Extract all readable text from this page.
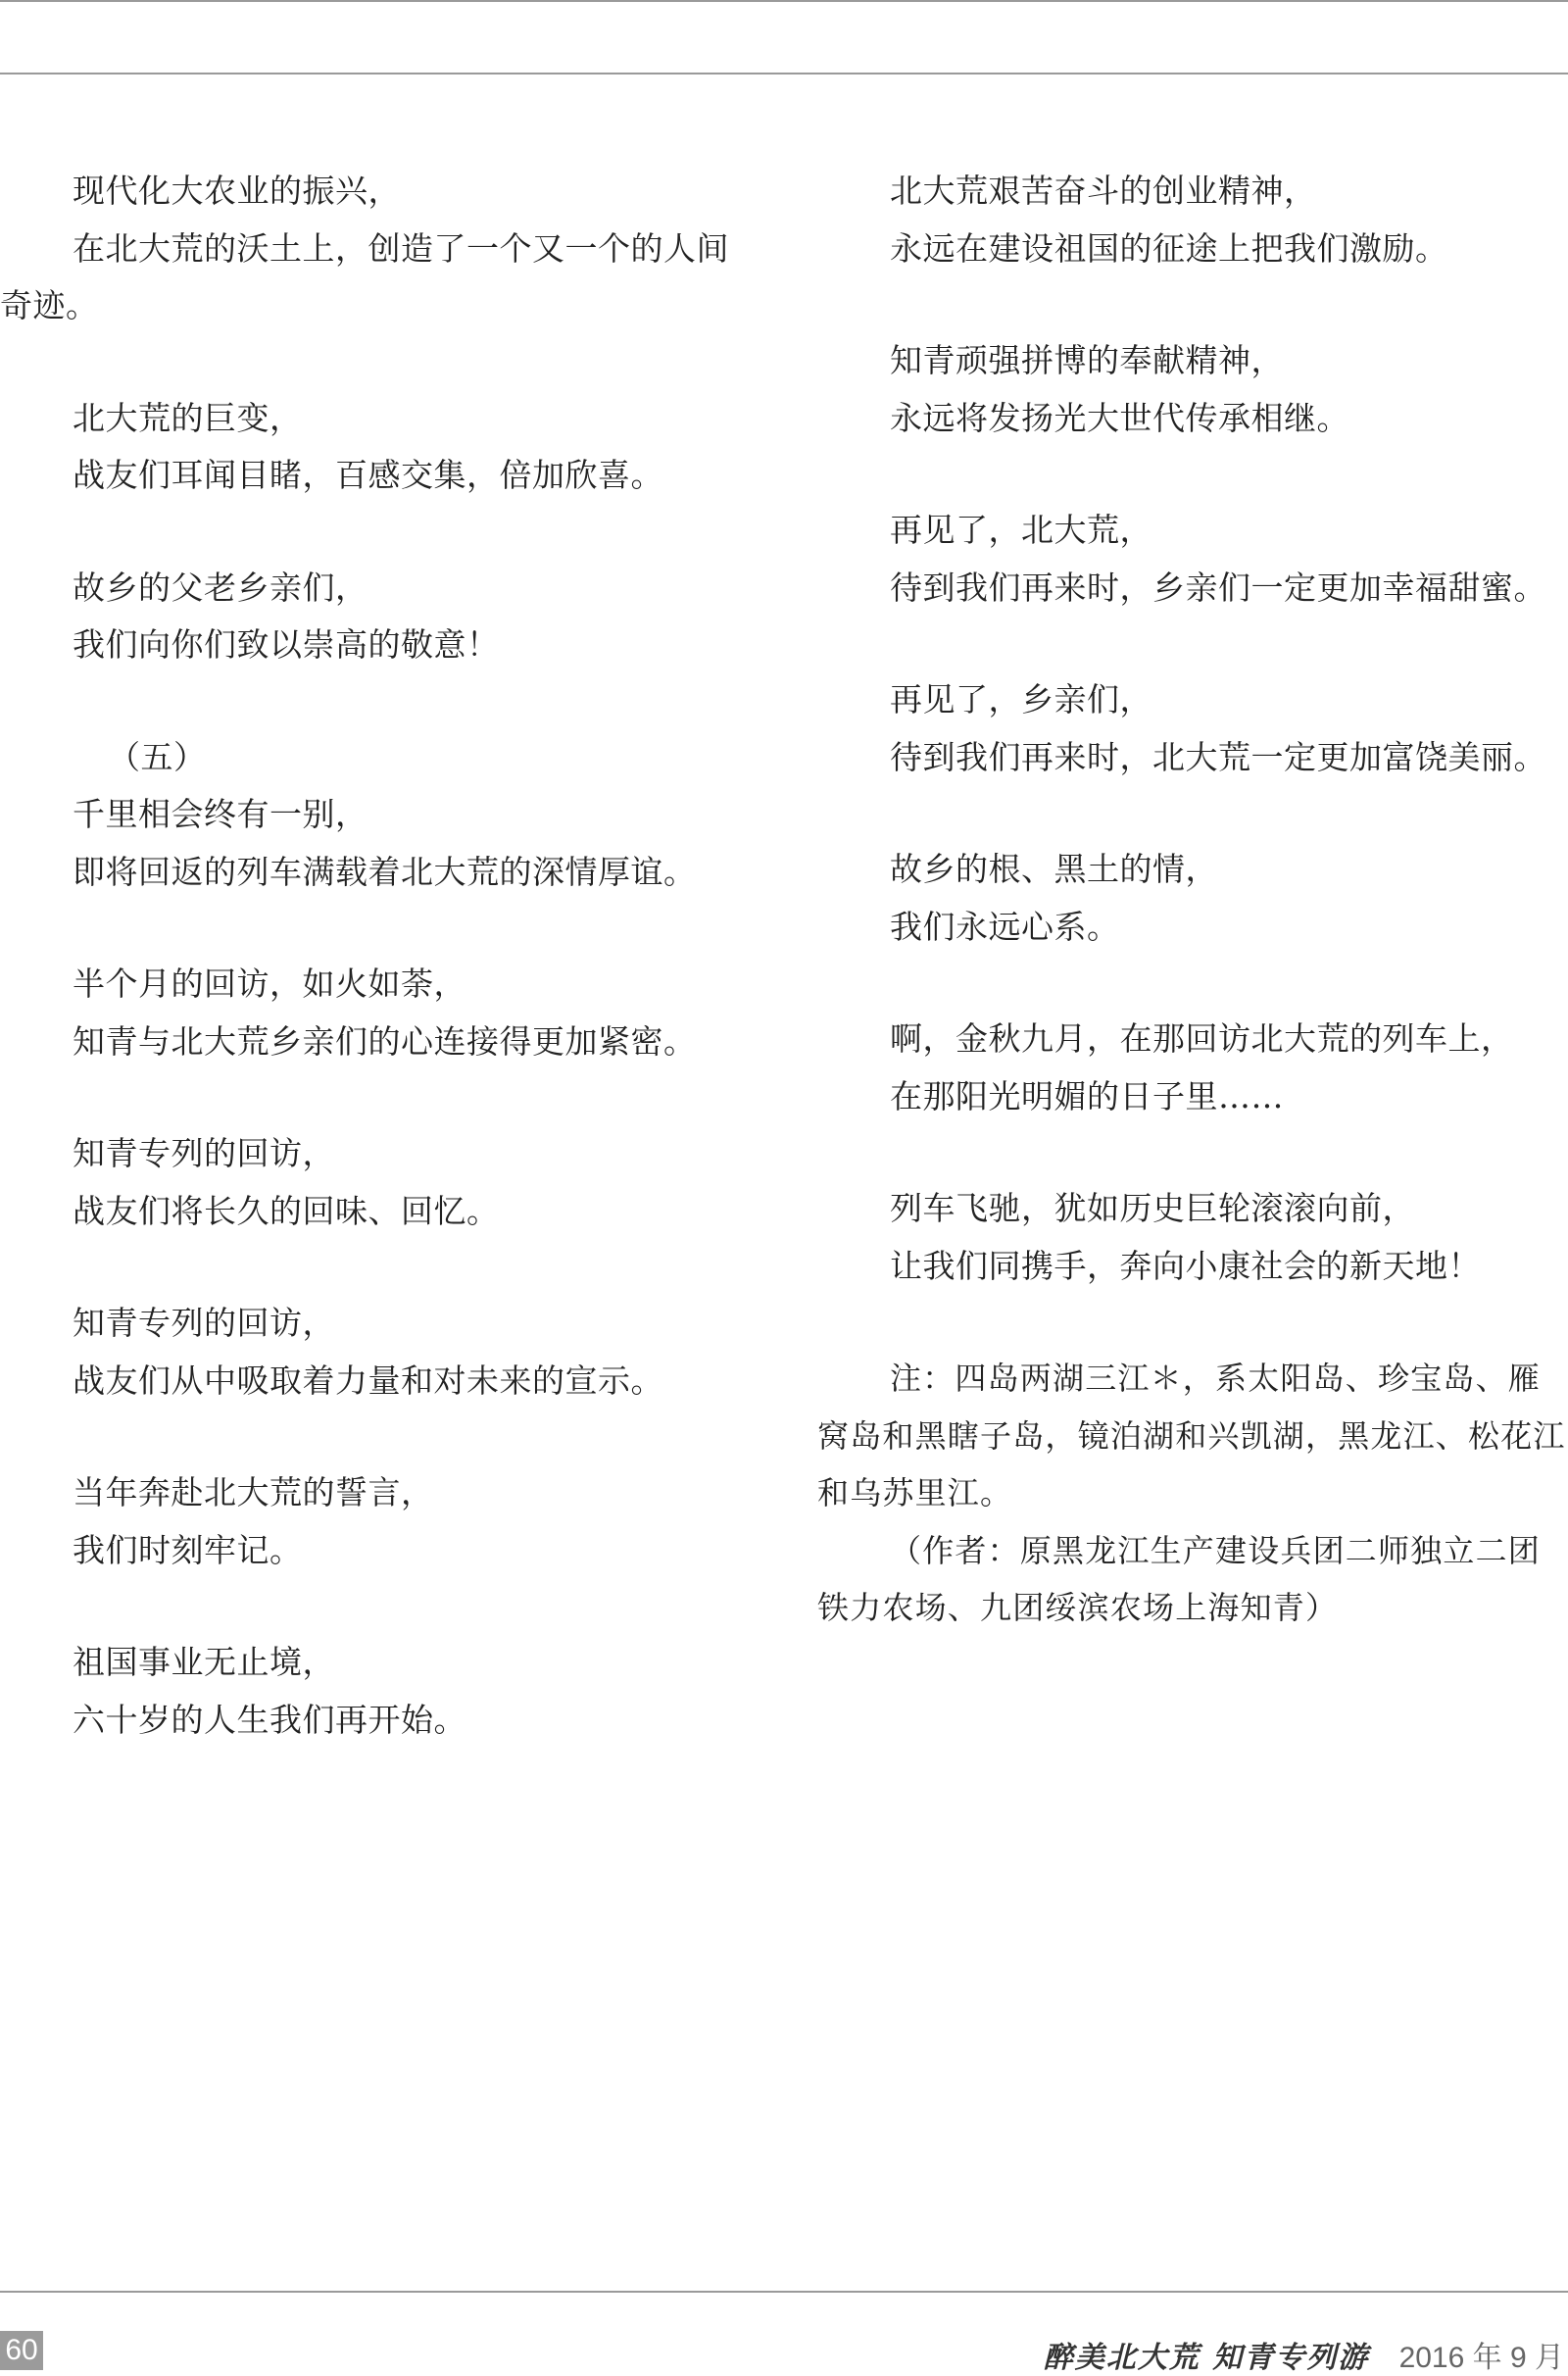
现代化大农业的振兴，
在北大荒的沃土上，创造了一个又一个的人间奇迹。
北大荒的巨变，
战友们耳闻目睹，百感交集，倍加欣喜。
故乡的父老乡亲们，
我们向你们致以崇高的敬意！
（五）
千里相会终有一别，
即将回返的列车满载着北大荒的深情厚谊。
半个月的回访，如火如荼，
知青与北大荒乡亲们的心连接得更加紧密。
知青专列的回访，
战友们将长久的回味、回忆。
知青专列的回访，
战友们从中吸取着力量和对未来的宣示。
当年奔赴北大荒的誓言，
我们时刻牢记。
祖国事业无止境，
六十岁的人生我们再开始。
北大荒艰苦奋斗的创业精神，
永远在建设祖国的征途上把我们激励。
知青顽强拼博的奉献精神，
永远将发扬光大世代传承相继。
再见了，北大荒，
待到我们再来时，乡亲们一定更加幸福甜蜜。
再见了，乡亲们，
待到我们再来时，北大荒一定更加富饶美丽。
故乡的根、黑土的情，
我们永远心系。
啊，金秋九月，在那回访北大荒的列车上，
在那阳光明媚的日子里……
列车飞驰，犹如历史巨轮滚滚向前，
让我们同携手，奔向小康社会的新天地！
注：四岛两湖三江＊，系太阳岛、珍宝岛、雁窝岛和黑瞎子岛，镜泊湖和兴凯湖，黑龙江、松花江和乌苏里江。
（作者：原黑龙江生产建设兵团二师独立二团铁力农场、九团绥滨农场上海知青）
60	醉美北大荒 知青专列游 2016 年 9 月
